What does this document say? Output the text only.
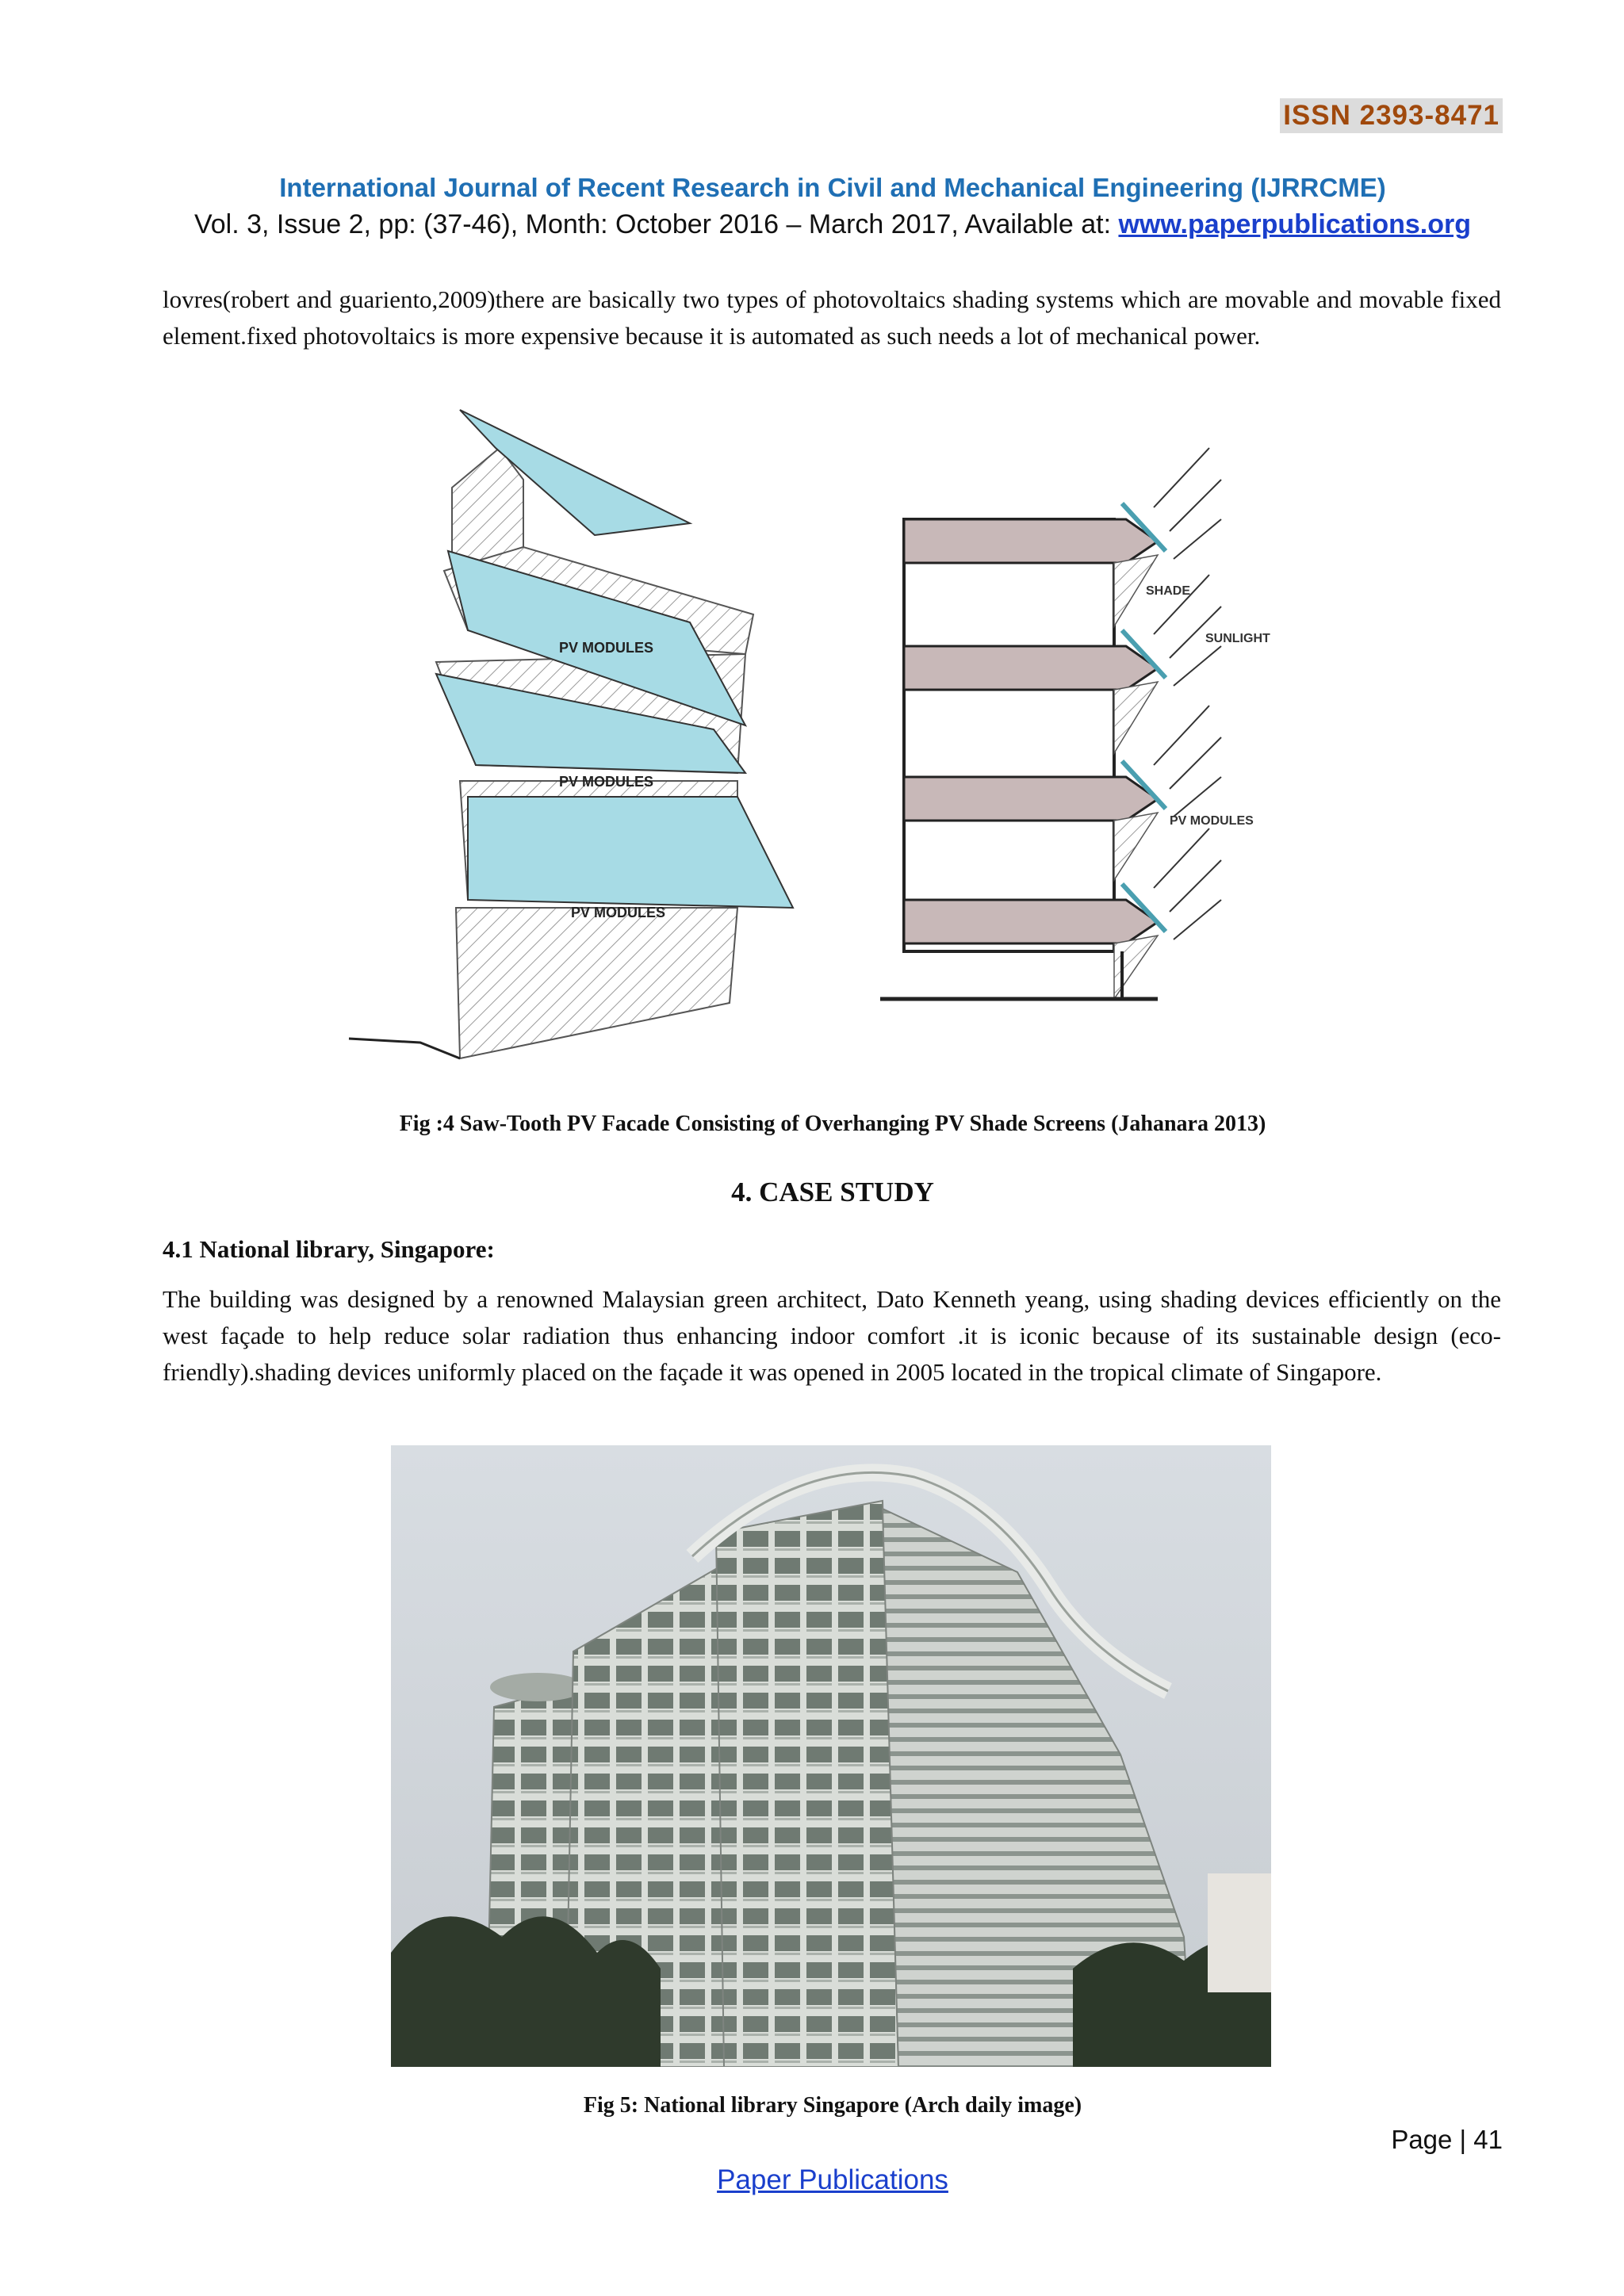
ISSN 2393-8471
International Journal of Recent Research in Civil and Mechanical Engineering (IJRRCME)
Vol. 3, Issue 2, pp: (37-46), Month: October 2016 – March 2017, Available at: www.paperpublications.org
lovres(robert and guariento,2009)there are basically two types of photovoltaics shading systems which are movable and movable fixed element.fixed photovoltaics is more expensive because it is automated as such needs a lot of mechanical power.
PV MODULES
PV MODULES
PV MODULES
SHADE
SUNLIGHT
PV MODULES
Fig :4 Saw-Tooth PV Facade Consisting of Overhanging PV Shade Screens (Jahanara 2013)
4. CASE STUDY
4.1 National library, Singapore:
The building was designed by a renowned Malaysian green architect, Dato Kenneth yeang, using shading devices efficiently on the west façade to help reduce solar radiation thus enhancing indoor comfort .it is iconic because of its sustainable design (eco-friendly).shading devices uniformly placed on the façade it was opened in 2005 located in the tropical climate of Singapore.
Fig 5: National library Singapore (Arch daily image)
Page | 41
Paper Publications
